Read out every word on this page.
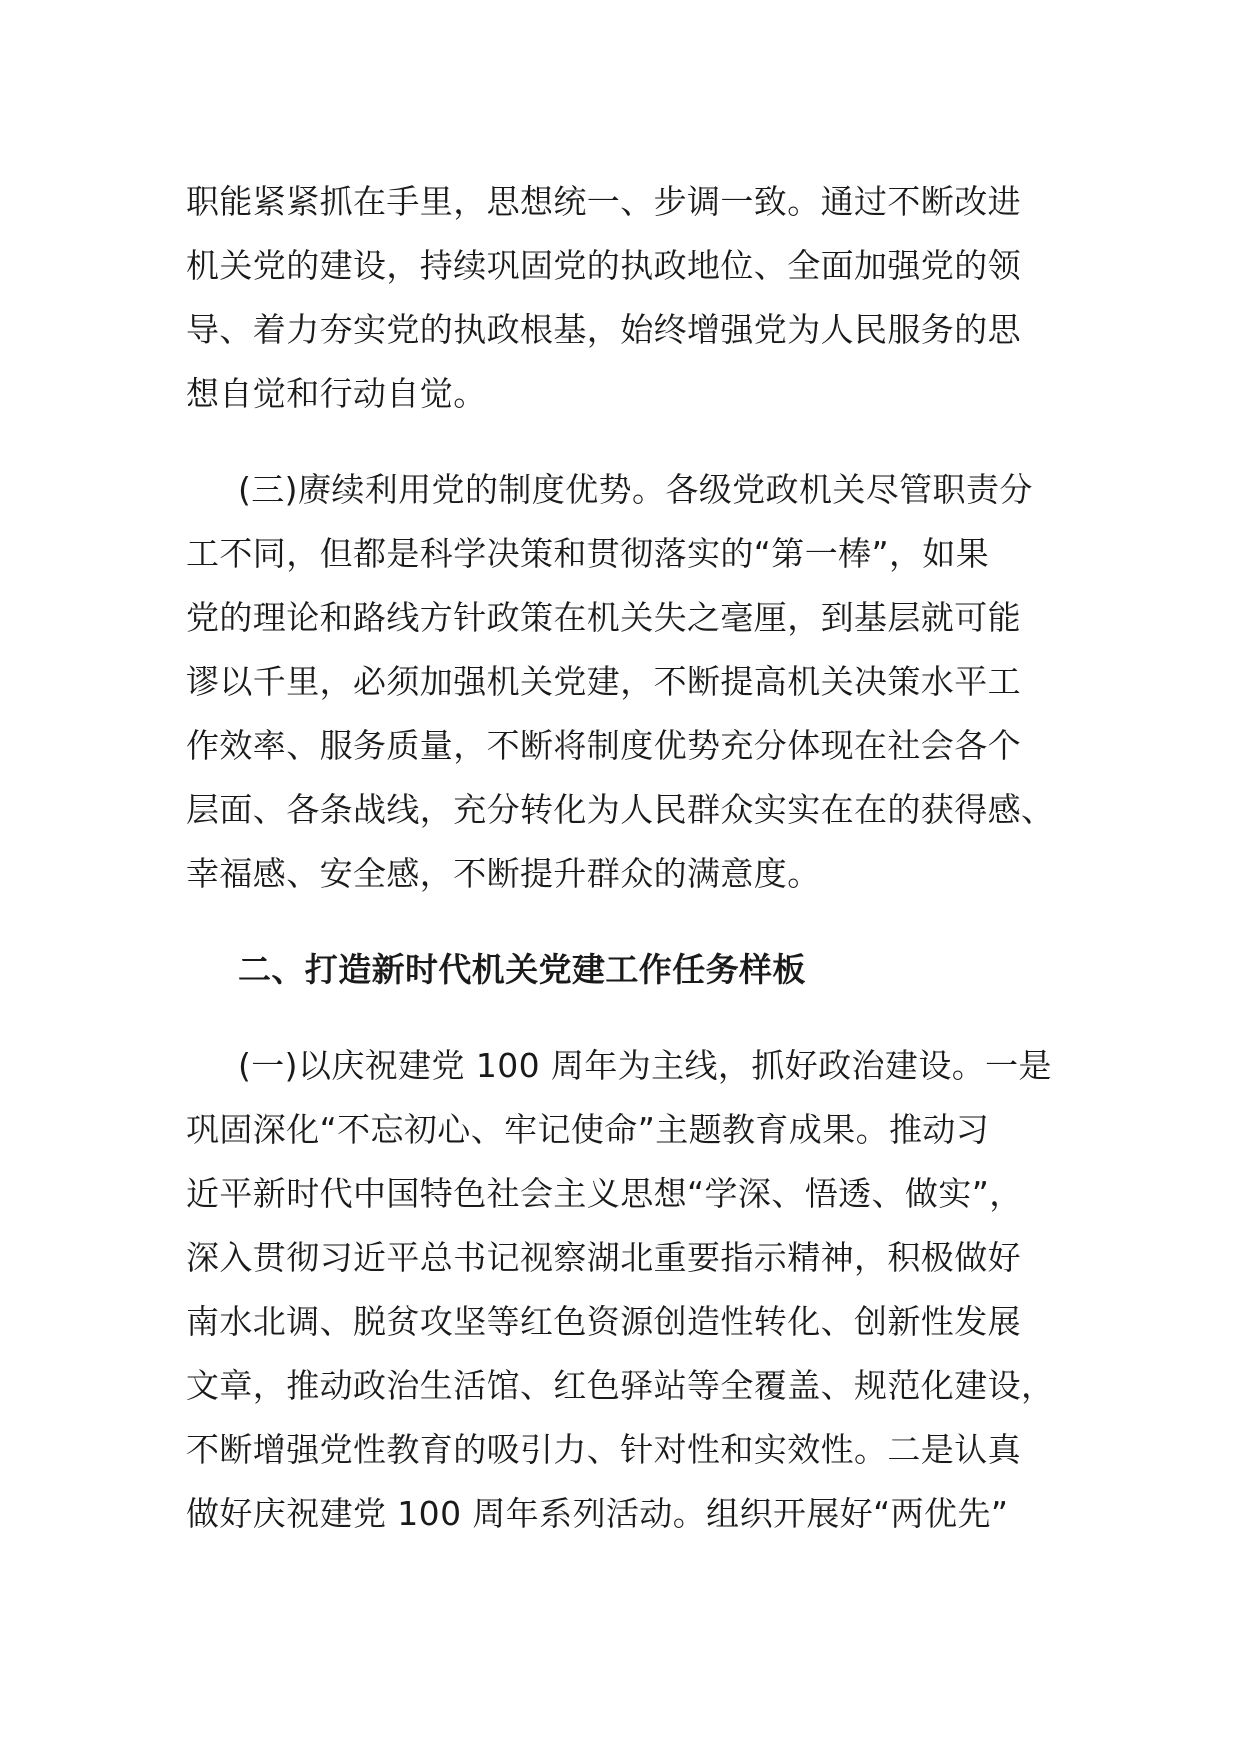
职能紧紧抓在手里，思想统一、步调一致。通过不断改进
机关党的建设，持续巩固党的执政地位、全面加强党的领
导、着力夯实党的执政根基，始终增强党为人民服务的思
想自觉和行动自觉。
(三)赓续利用党的制度优势。各级党政机关尽管职责分
工不同，但都是科学决策和贯彻落实的“第一棒”，如果
党的理论和路线方针政策在机关失之毫厘，到基层就可能
谬以千里，必须加强机关党建，不断提高机关决策水平工
作效率、服务质量，不断将制度优势充分体现在社会各个
层面、各条战线，充分转化为人民群众实实在在的获得感、
幸福感、安全感，不断提升群众的满意度。
二、打造新时代机关党建工作任务样板
(一)以庆祝建党 100 周年为主线，抓好政治建设。一是
巩固深化“不忘初心、牢记使命”主题教育成果。推动习
近平新时代中国特色社会主义思想“学深、悟透、做实”，
深入贯彻习近平总书记视察湖北重要指示精神，积极做好
南水北调、脱贫攻坚等红色资源创造性转化、创新性发展
文章，推动政治生活馆、红色驿站等全覆盖、规范化建设，
不断增强党性教育的吸引力、针对性和实效性。二是认真
做好庆祝建党 100 周年系列活动。组织开展好“两优先”
